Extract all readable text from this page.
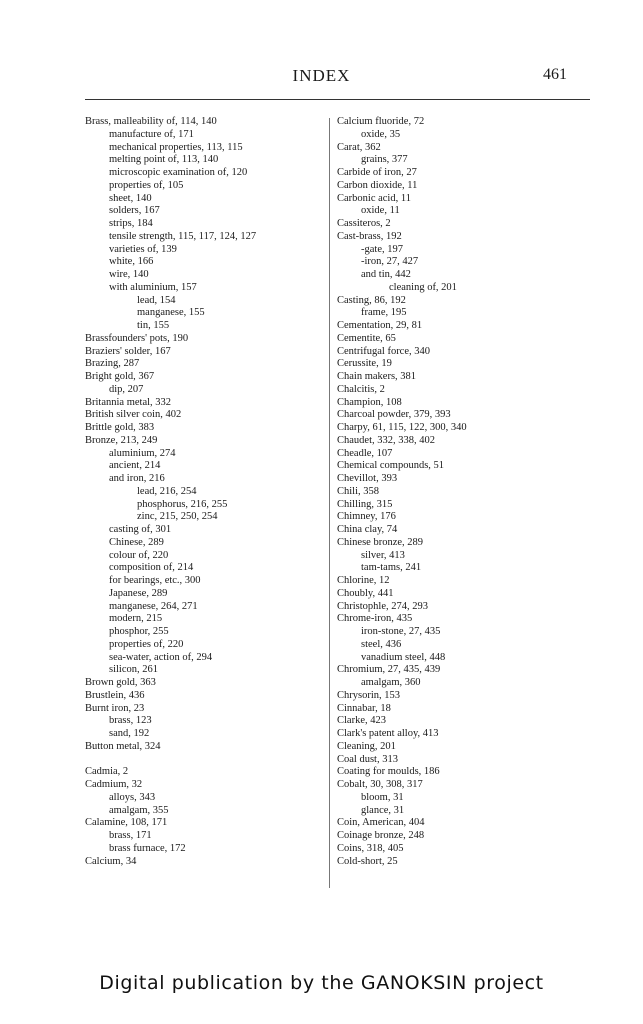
INDEX	461
Brass, malleability of, 114, 140
manufacture of, 171
mechanical properties, 113, 115
melting point of, 113, 140
microscopic examination of, 120
properties of, 105
sheet, 140
solders, 167
strips, 184
tensile strength, 115, 117, 124, 127
varieties of, 139
white, 166
wire, 140
with aluminium, 157
lead, 154
manganese, 155
tin, 155
Brassfounders' pots, 190
Braziers' solder, 167
Brazing, 287
Bright gold, 367
dip, 207
Britannia metal, 332
British silver coin, 402
Brittle gold, 383
Bronze, 213, 249
aluminium, 274
ancient, 214
and iron, 216
lead, 216, 254
phosphorus, 216, 255
zinc, 215, 250, 254
casting of, 301
Chinese, 289
colour of, 220
composition of, 214
for bearings, etc., 300
Japanese, 289
manganese, 264, 271
modern, 215
phosphor, 255
properties of, 220
sea-water, action of, 294
silicon, 261
Brown gold, 363
Brustlein, 436
Burnt iron, 23
brass, 123
sand, 192
Button metal, 324
Cadmia, 2
Cadmium, 32
alloys, 343
amalgam, 355
Calamine, 108, 171
brass, 171
brass furnace, 172
Calcium, 34
Calcium fluoride, 72
oxide, 35
Carat, 362
grains, 377
Carbide of iron, 27
Carbon dioxide, 11
Carbonic acid, 11
oxide, 11
Cassiteros, 2
Cast-brass, 192
-gate, 197
-iron, 27, 427
and tin, 442
cleaning of, 201
Casting, 86, 192
frame, 195
Cementation, 29, 81
Cementite, 65
Centrifugal force, 340
Cerussite, 19
Chain makers, 381
Chalcitis, 2
Champion, 108
Charcoal powder, 379, 393
Charpy, 61, 115, 122, 300, 340
Chaudet, 332, 338, 402
Cheadle, 107
Chemical compounds, 51
Chevillot, 393
Chili, 358
Chilling, 315
Chimney, 176
China clay, 74
Chinese bronze, 289
silver, 413
tam-tams, 241
Chlorine, 12
Choubly, 441
Christophle, 274, 293
Chrome-iron, 435
iron-stone, 27, 435
steel, 436
vanadium steel, 448
Chromium, 27, 435, 439
amalgam, 360
Chrysorin, 153
Cinnabar, 18
Clarke, 423
Clark's patent alloy, 413
Cleaning, 201
Coal dust, 313
Coating for moulds, 186
Cobalt, 30, 308, 317
bloom, 31
glance, 31
Coin, American, 404
Coinage bronze, 248
Coins, 318, 405
Cold-short, 25
Digital publication by the GANOKSIN project
